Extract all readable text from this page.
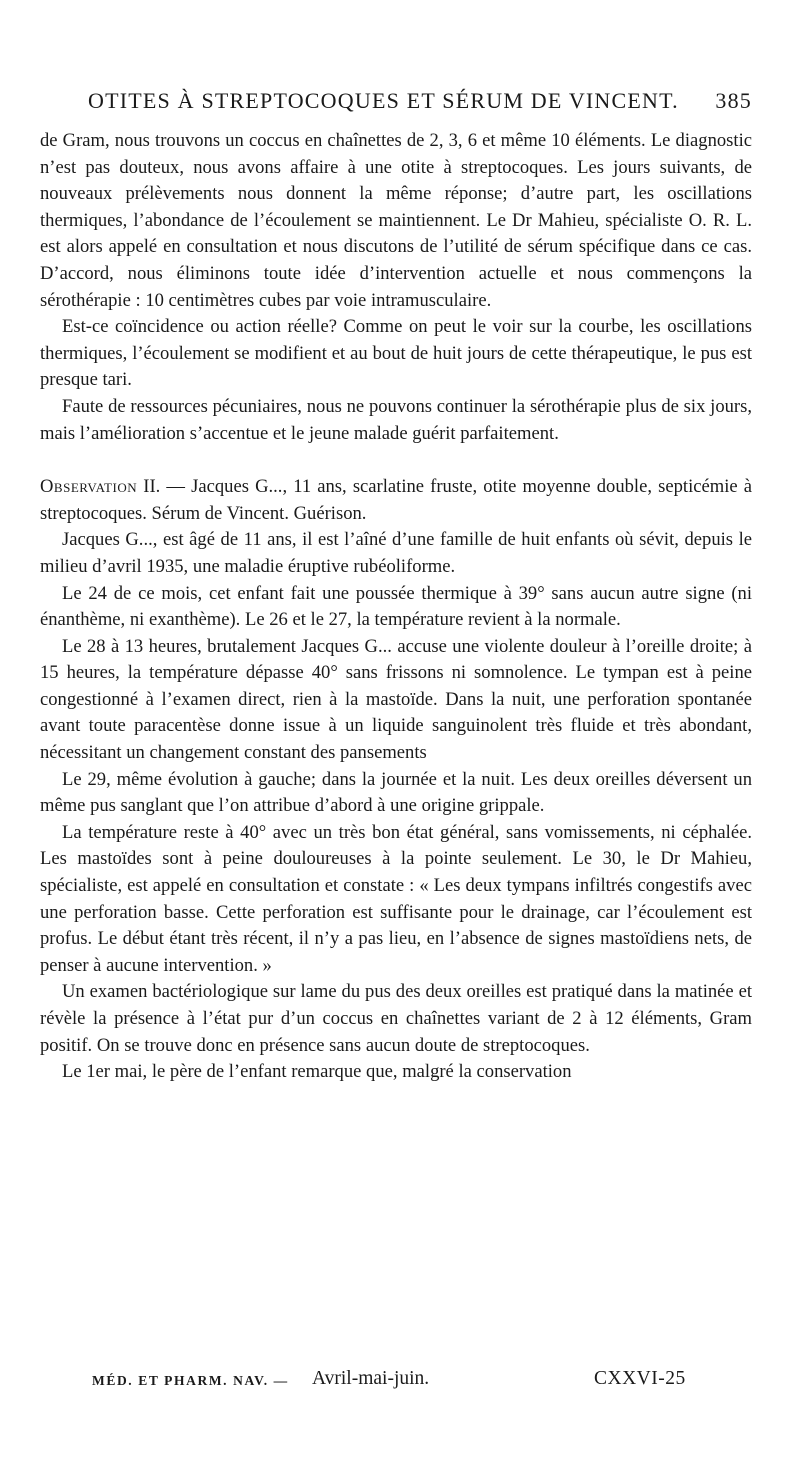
OTITES À STREPTOCOQUES ET SÉRUM DE VINCENT. 385

de Gram, nous trouvons un coccus en chaînettes de 2, 3, 6 et même 10 éléments. Le diagnostic n’est pas douteux, nous avons affaire à une otite à streptocoques. Les jours suivants, de nouveaux prélèvements nous donnent la même réponse; d’autre part, les oscillations thermiques, l’abondance de l’écoulement se maintiennent. Le Dr Mahieu, spécialiste O. R. L. est alors appelé en consultation et nous discutons de l’utilité de sérum spécifique dans ce cas. D’accord, nous éliminons toute idée d’intervention actuelle et nous commençons la sérothérapie : 10 centimètres cubes par voie intramusculaire.

Est-ce coïncidence ou action réelle? Comme on peut le voir sur la courbe, les oscillations thermiques, l’écoulement se modifient et au bout de huit jours de cette thérapeutique, le pus est presque tari.

Faute de ressources pécuniaires, nous ne pouvons continuer la sérothérapie plus de six jours, mais l’amélioration s’accentue et le jeune malade guérit parfaitement.

Observation II. — Jacques G..., 11 ans, scarlatine fruste, otite moyenne double, septicémie à streptocoques. Sérum de Vincent. Guérison.

Jacques G..., est âgé de 11 ans, il est l’aîné d’une famille de huit enfants où sévit, depuis le milieu d’avril 1935, une maladie éruptive rubéoliforme.

Le 24 de ce mois, cet enfant fait une poussée thermique à 39° sans aucun autre signe (ni énanthème, ni exanthème). Le 26 et le 27, la température revient à la normale.

Le 28 à 13 heures, brutalement Jacques G... accuse une violente douleur à l’oreille droite; à 15 heures, la température dépasse 40° sans frissons ni somnolence. Le tympan est à peine congestionné à l’examen direct, rien à la mastoïde. Dans la nuit, une perforation spontanée avant toute paracentèse donne issue à un liquide sanguinolent très fluide et très abondant, nécessitant un changement constant des pansements

Le 29, même évolution à gauche; dans la journée et la nuit. Les deux oreilles déversent un même pus sanglant que l’on attribue d’abord à une origine grippale.

La température reste à 40° avec un très bon état général, sans vomissements, ni céphalée. Les mastoïdes sont à peine douloureuses à la pointe seulement. Le 30, le Dr Mahieu, spécialiste, est appelé en consultation et constate : « Les deux tympans infiltrés congestifs avec une perforation basse. Cette perforation est suffisante pour le drainage, car l’écoulement est profus. Le début étant très récent, il n’y a pas lieu, en l’absence de signes mastoïdiens nets, de penser à aucune intervention. »

Un examen bactériologique sur lame du pus des deux oreilles est pratiqué dans la matinée et révèle la présence à l’état pur d’un coccus en chaînettes variant de 2 à 12 éléments, Gram positif. On se trouve donc en présence sans aucun doute de streptocoques.

Le 1er mai, le père de l’enfant remarque que, malgré la conservation

MÉD. ET PHARM. NAV. — Avril-mai-juin.	CXXVI-25
